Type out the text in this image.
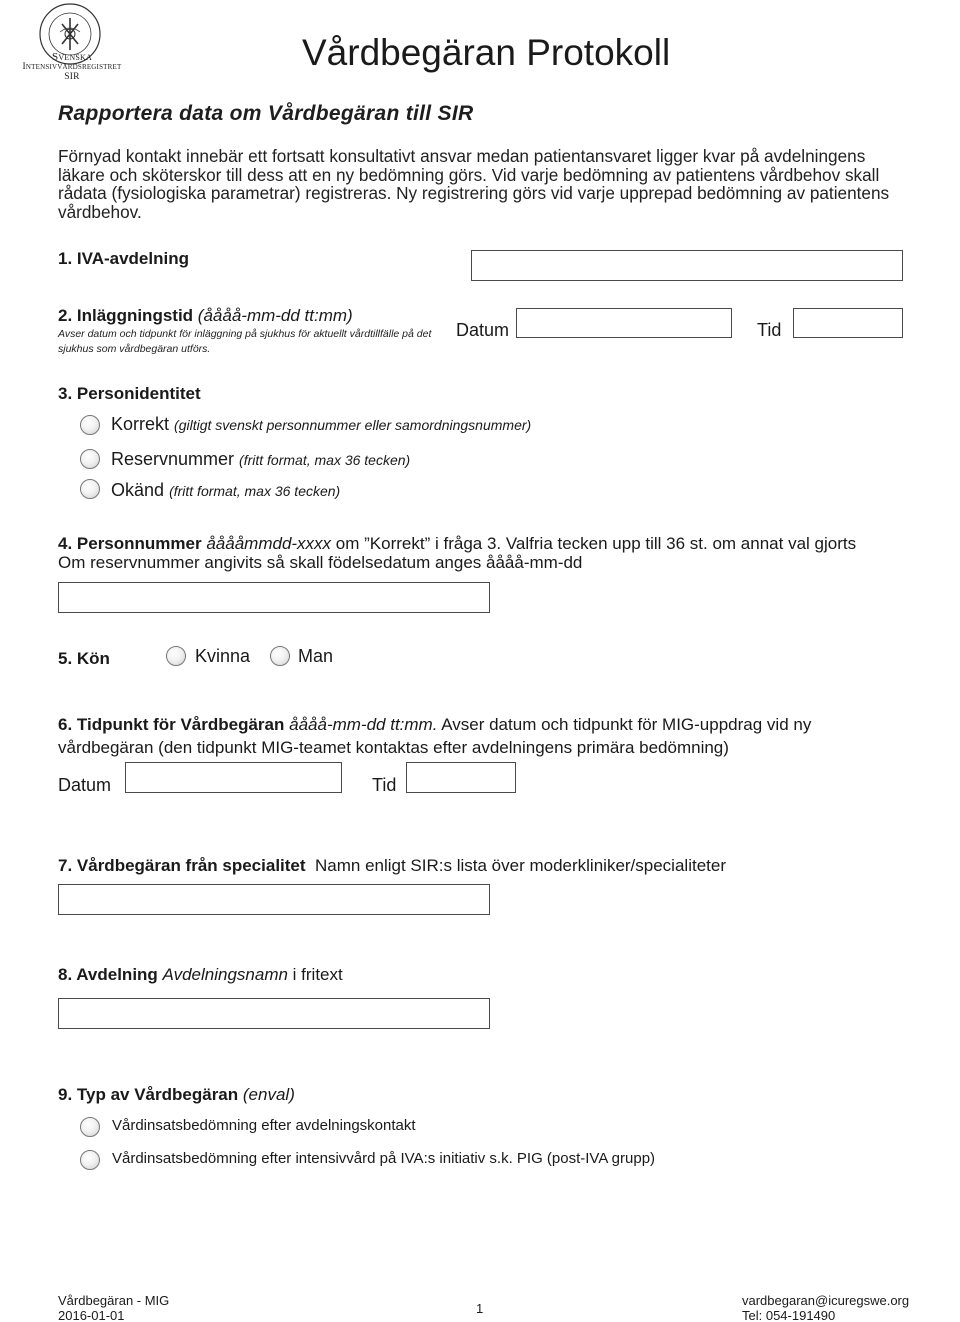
Svenska
Intensivvårdsregistret
SIR
Vårdbegäran Protokoll
Rapportera data om Vårdbegäran till SIR
Förnyad kontakt innebär ett fortsatt konsultativt ansvar medan patientansvaret ligger kvar på avdelningens läkare och sköterskor till dess att en ny bedömning görs. Vid varje bedömning av patientens vårdbehov skall rådata (fysiologiska parametrar) registreras. Ny registrering görs vid varje upprepad bedömning av patientens vårdbehov.
1. IVA-avdelning
2. Inläggningstid (åååå-mm-dd tt:mm)
Avser datum och tidpunkt för inläggning på sjukhus för aktuellt vårdtillfälle på det sjukhus som vårdbegäran utförs.
Datum	Tid
3. Personidentitet
Korrekt (giltigt svenskt personnummer eller samordningsnummer)
Reservnummer (fritt format, max 36 tecken)
Okänd (fritt format, max 36 tecken)
4. Personnummer ååååmmdd-xxxx om ”Korrekt” i fråga 3. Valfria tecken upp till 36 st. om annat val gjorts
Om reservnummer angivits så skall födelsedatum anges åååå-mm-dd
5. Kön	Kvinna	Man
6. Tidpunkt för Vårdbegäran åååå-mm-dd tt:mm. Avser datum och tidpunkt för MIG-uppdrag vid ny
vårdbegäran (den tidpunkt MIG-teamet kontaktas efter avdelningens primära bedömning)
Datum	Tid
7. Vårdbegäran från specialitet Namn enligt SIR:s lista över moderkliniker/specialiteter
8. Avdelning Avdelningsnamn i fritext
9. Typ av Vårdbegäran (enval)
Vårdinsatsbedömning efter avdelningskontakt
Vårdinsatsbedömning efter intensivvård på IVA:s initiativ s.k. PIG (post-IVA grupp)
Vårdbegäran - MIG
2016-01-01	1
vardbegaran@icuregswe.org
Tel: 054-191490
